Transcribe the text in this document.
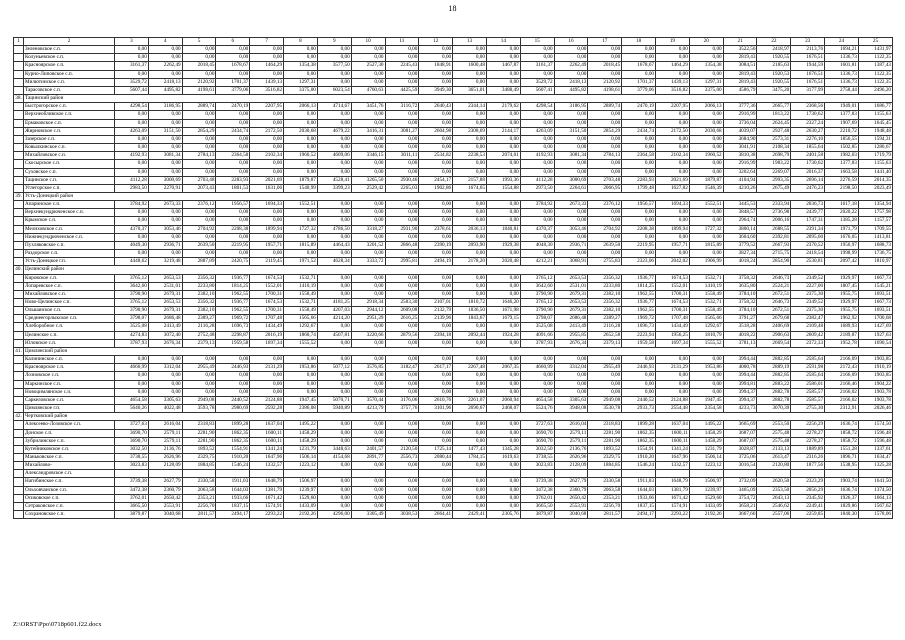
18
1	2	3	4	5	6	7	8	9	10	11	12	13	14	15	16	17	18	19	20	21	22	23	24	25
	Зеленовское с.п.	0,00	0,00	0,00	0,00	0,00	0,00	0,00	0,00	0,00	0,00	0,00	0,00	0,00	0,00	0,00	0,00	0,00	0,00	3522,56	2418,97	2113,76	1694,21	1431,97
	Колуньевское с.п.	0,00	0,00	0,00	0,00	0,00	0,00	0,00	0,00	0,00	0,00	0,00	0,00	0,00	0,00	0,00	0,00	0,00	0,00	2819,43	1920,55	1676,51	1336,73	1122,35
	Красноярское с.п.	3161,37	2262,49	2018,45	1678,67	1464,29	1354,38	3577,50	2527,30	2245,43	1848,91	1600,48	1467,87	3161,37	2262,49	2018,45	1678,67	1464,29	1354,38	3084,51	2185,63	1944,59	1601,81	1387,43
	Курно-Липовское с.п.	0,00	0,00	0,00	0,00	0,00	0,00	0,00	0,00	0,00	0,00	0,00	0,00	0,00	0,00	0,00	0,00	0,00	0,00	2819,43	1920,53	1676,51	1336,73	1122,35
	Милютинское с.п.	3529,72	2418,13	2120,92	1701,37	1439,13	1297,31	0,00	0,00	0,00	0,00	0,00	0,00	3529,72	2418,13	2120,92	1701,37	1439,13	1297,31	2819,43	1920,55	1676,51	1336,73	1122,35
	Тарасовское с.п.	5607,44	4495,82	4198,61	3779,06	3516,82	3375,00	6023,54	4760,63	4425,59	3949,30	3651,01	3488,49	5607,41	4495,82	4198,61	3779,06	3516,82	3375,00	4586,79	3475,20	3177,99	2758,44	2496,20
38.	Тацинский район																							
	Быстрогорское с.п.	4298,54	3186,95	2889,74	2470,19	2207,95	2066,13	4714,67	3451,76	3116,72	2640,43	2344,14	2179,62	4298,54	3186,95	2889,74	2470,19	2207,95	2066,13	3777,36	2665,77	2368,56	1949,01	1686,77
	Верхнеобливское с.п.	0,00	0,00	0,00	0,00	0,00	0,00	0,00	0,00	0,00	0,00	0,00	0,00	0,00	0,00	0,00	0,00	0,00	0,00	2916,99	1813,22	1730,62	1377,83	1155,63
	Ермаковское с.п.	0,00	0,00	0,00	0,00	0,00	0,00	0,00	0,00	0,00	0,00	0,00	0,00	0,00	0,00	0,00	0,00	0,00	0,00	3736,04	2624,45	2327,24	1907,69	1645,45
	Жирновское с.п.	4263,09	3151,50	2854,29	2434,74	2172,50	2030,68	4679,22	3416,31	3081,27	2604,98	2308,69	2144,17	4263,09	3151,50	2854,29	2434,74	2172,50	2030,68	4039,07	2927,48	2630,27	2210,72	1948,48
	Зазерское с.п.	0,00	0,00	0,00	0,00	0,00	0,00	0,00	0,00	0,00	0,00	0,00	0,00	0,00	0,00	0,00	0,00	0,00	0,00	3684,90	2573,31	2276,10	1856,55	1594,31
	Ковылкинское с.п.	0,00	0,00	0,00	0,00	0,00	0,00	0,00	0,00	0,00	0,00	0,00	0,00	0,00	0,00	0,00	0,00	0,00	0,00	3041,91	2108,34	1855,64	1502,85	1280,67
	Михайловское с.п.	4192,93	3081,34	2784,13	2364,58	2102,34	1960,52	4609,06	3346,15	3011,11	2534,82	2238,53	2074,01	4192,93	3081,34	2784,13	2364,58	2102,34	1960,52	3810,38	2698,79	2401,58	1982,03	1719,79
	Скосырское с.п.	0,00	0,00	0,00	0,00	0,00	0,00	0,00	0,00	0,00	0,00	0,00	0,00	0,00	0,00	0,00	0,00	0,00	0,00	2916,99	1983,22	1730,62	1377,83	1155,63
	Суховское с.п.	0,00	0,00	0,00	0,00	0,00	0,00	0,00	0,00	0,00	0,00	0,00	0,00	0,00	0,00	0,00	0,00	0,00	0,00	3202,64	2269,07	2016,37	1663,58	1441,40
	Тацинское с.п.	4112,28	3000,69	2703,48	2283,93	2021,69	1879,87	4528,41	3265,50	2930,46	2454,17	2157,88	1993,36	4112,28	3000,69	2703,48	2283,93	2021,69	1879,87	4104,94	2993,35	2696,14	2276,59	2014,35
	Углегорское с.п.	2983,50	2270,91	2073,43	1801,53	1631,06	1540,99	3399,23	2529,42	2265,03	1902,86	1674,65	1554,88	2973,50	2264,61	2066,95	1799,48	1627,82	1546,39	4210,26	2675,49	2476,23	2198,50	2023,49
39.	Усть-Донецкий район																							
	Апаринское с.п.	3784,92	2673,33	2376,12	1956,57	1694,33	1552,51	0,00	0,00	0,00	0,00	0,00	0,00	3784,92	2673,33	2376,12	1956,57	1694,33	1552,51	3445,53	2333,94	2036,73	1617,18	1354,94
	Верхнекундрюченское с.п.	0,00	0,00	0,00	0,00	0,00	0,00	0,00	0,00	0,00	0,00	0,00	0,00	0,00	0,00	0,00	0,00	0,00	0,00	3848,57	2736,98	2439,77	2020,22	1757,98
	Крымское с.п.	0,00	0,00	0,00	0,00	0,00	0,00	0,00	0,00	0,00	0,00	0,00	0,00	0,00	0,00	0,00	0,00	0,00	0,00	2964,74	2006,16	1747,31	1385,28	1157,57
	Мелиховское с.п.	4370,37	3053,46	2704,92	2208,38	1899,94	1727,32	4786,50	3318,27	2931,90	2378,61	2036,13	1840,81	4370,37	3053,46	2704,92	2208,38	1899,94	1727,32	3800,14	2688,55	2391,34	1971,79	1709,55
	Нижнекундрюченское с.п.	0,00	0,00	0,00	0,00	0,00	0,00	0,00	0,00	0,00	0,00	0,00	0,00	0,00	0,00	0,00	0,00	0,00	0,00	3604,60	2392,81	2095,60	1676,05	1413,81
	Пухляковское с.п.	4049,30	2936,71	2639,50	2219,95	1957,71	1815,89	4464,43	3201,52	2866,48	2390,19	2093,90	1929,38	4048,30	2936,71	2639,50	2219,95	1957,71	1815,89	3779,52	2667,93	2370,52	1950,97	1688,73
	Раздорское с.п.	0,00	0,00	0,00	0,00	0,00	0,00	0,00	0,00	0,00	0,00	0,00	0,00	0,00	0,00	0,00	0,00	0,00	0,00	3827,34	2715,75	2418,54	1998,99	1736,75
	Усть-Донецкое г.п.	4448,62	3219,48	2887,89	2420,75	2119,45	1971,52	4628,34	3333,72	2995,81	2494,19	2178,20	2020,48	4212,21	3068,91	2755,83	2323,06	2042,02	1906,99	4018,24	2854,90	2530,81	2097,42	1810,97
40.	Целинский район																							
	Кировское с.п.	3765,12	2653,53	2356,32	1936,77	1674,53	1532,71	0,00	0,00	0,00	0,00	0,00	0,00	3765,12	2653,53	2356,32	1936,77	1674,53	1532,71	3758,32	2646,73	2349,52	1929,97	1667,73
	Лопаревское с.п.	3642,60	2531,01	2233,80	1814,25	1552,01	1410,19	0,00	0,00	0,00	0,00	0,00	0,00	3642,60	2531,01	2233,80	1814,25	1552,01	1410,19	3635,80	2524,21	2227,00	1807,45	1545,21
	Михайловское с.п.	3790,90	2679,31	2382,10	1962,55	1700,31	1558,49	0,00	0,00	0,00	0,00	0,00	0,00	3790,90	2679,31	2382,10	1962,55	1700,31	1558,49	3784,10	2672,51	2375,30	1955,75	1693,51
	Ново-Целинское с.п.	3765,12	2653,53	2356,32	1936,77	1674,53	1532,71	4181,25	2918,34	2583,30	2107,01	1810,72	1646,20	3765,12	2653,53	2356,32	1936,77	1674,53	1532,71	3758,32	2646,73	2349,52	1929,97	1667,73
	Ольшанское с.п.	3790,90	2679,31	2382,10	1962,55	1700,31	1558,49	4207,03	2944,12	2609,08	2132,79	1836,50	1671,98	3790,90	2679,31	2382,10	1962,55	1700,31	1558,49	3784,10	2672,51	2375,30	1955,75	1693,51
	Среднеегорлыкское с.п.	3798,07	2686,48	2389,27	1969,72	1707,48	1565,66	4214,20	2951,29	2616,25	2139,96	1843,67	1679,15	3798,07	2686,48	2389,27	1969,72	1707,48	1565,66	3791,27	2679,68	2382,47	1962,92	1700,68
	Хлеборобное с.п.	3525,08	2413,49	2116,28	1696,73	1434,49	1292,67	0,00	0,00	0,00	0,00	0,00	0,00	3525,08	2413,49	2116,28	1696,73	1434,49	1292,67	3518,28	2406,69	2109,48	1689,93	1427,69
	Целинское с.п.	4274,83	3072,40	2752,48	2298,87	2016,19	1860,74	4507,81	3220,66	2879,56	2394,18	2092,44	1924,28	4091,66	2955,85	2652,58	2223,94	1956,25	1810,79	4018,22	2906,63	2609,42	2189,87	1927,63
	Юловское с.п.	3787,93	2676,34	2379,13	1959,58	1697,34	1555,52	0,00	0,00	0,00	0,00	0,00	0,00	3787,93	2676,34	2379,13	1959,58	1697,34	1555,52	3781,13	2669,54	2372,33	1952,78	1690,54
41.	Цимлянский район																							
	Калининское с.п.	0,00	0,00	0,00	0,00	0,00	0,00	0,00	0,00	0,00	0,00	0,00	0,00	0,00	0,00	0,00	0,00	0,00	0,00	3994,44	2882,85	2585,64	2166,09	1903,85
	Красноярское с.п.	4660,99	3312,04	2955,49	2446,93	2131,29	1953,86	5077,12	3576,85	3182,47	2617,17	2267,48	2067,35	4660,99	3312,04	2955,49	2446,93	2131,29	1953,86	4000,78	2889,19	2591,98	2172,43	1910,19
	Лозновское с.п.	0,00	0,00	0,00	0,00	0,00	0,00	0,00	0,00	0,00	0,00	0,00	0,00	0,00	0,00	0,00	0,00	0,00	0,00	3994,44	2882,85	2585,64	2166,09	1903,85
	Маркинское с.п.	0,00	0,00	0,00	0,00	0,00	0,00	0,00	0,00	0,00	0,00	0,00	0,00	0,00	0,00	0,00	0,00	0,00	0,00	3994,81	2883,22	2586,01	2166,46	1904,22
	Новоцимлянское с.п.	0,00	0,00	0,00	0,00	0,00	0,00	0,00	0,00	0,00	0,00	0,00	0,00	0,00	0,00	0,00	0,00	0,00	0,00	3994,37	2882,78	2585,57	2166,02	1903,78
	Саркеловское с.п.	4654,58	3305,63	2949,08	2440,52	2124,88	1947,45	5070,71	3570,44	3176,06	2610,76	2261,07	2060,94	4654,58	3305,63	2949,08	2440,52	2124,88	1947,45	3994,37	2882,78	2585,57	2166,02	1903,78
	Цимлянское г.п.	5640,26	4022,48	3593,78	2980,69	2592,28	2386,08	5940,89	4213,79	3757,76	3101,96	2690,67	2468,07	5524,76	3948,08	3530,78	2933,73	2554,48	2354,58	4233,73	3070,39	2755,30	2312,91	2026,46
42.	Чертковский район																							
	Алексеево-Лозовское с.п.	3727,63	2616,04	2318,83	1899,28	1637,04	1495,22	0,00	0,00	0,00	0,00	0,00	0,00	3727,63	2616,04	2318,83	1899,28	1637,04	1495,22	3665,69	2553,50	2256,29	1636,74	1574,50
	Донское с.п.	3690,70	2579,11	2281,90	1862,35	1600,11	1458,29	0,00	0,00	0,00	0,00	0,00	0,00	3690,70	2579,11	2281,90	1862,35	1600,11	1458,29	3687,07	2575,48	2278,27	1858,72	1596,48
	Зубрилинское с.п.	3690,70	2579,11	2281,90	1862,35	1600,11	1458,29	0,00	0,00	0,00	0,00	0,00	0,00	3690,70	2579,11	2281,90	1862,35	1600,11	1458,29	3687,07	2575,48	2278,27	1858,72	1596,48
	Кутейниковское с.п.	3032,50	2136,76	1893,52	1554,91	1341,24	1231,79	3448,63	2401,57	2120,50	1725,14	1477,43	1345,28	3032,50	2136,76	1893,52	1554,91	1341,24	1231,79	3028,87	2133,13	1889,89	1551,28	1337,61
	Маньковское с.п.	3738,55	2626,96	2329,75	1910,20	1647,96	1506,14	4154,68	2891,77	2556,73	2080,44	1784,15	1619,63	3738,55	2626,96	2329,75	1910,20	1647,96	1506,14	3725,06	2613,47	2316,26	1896,71	1634,47
	Михайлово-	3023,83	2128,09	1884,85	1546,24	1332,57	1223,12	0,00	0,00	0,00	0,00	0,00	0,00	3023,83	2128,09	1884,85	1546,24	1332,57	1223,12	3016,54	2120,80	1877,56	1538,95	1325,28
	Александровское с.п.																							
	Нагибинское с.п.	3739,38	2627,79	2330,58	1911,03	1648,79	1506,97	0,00	0,00	0,00	0,00	0,00	0,00	3739,38	2627,79	2330,58	1911,03	1648,79	1506,97	3732,09	2620,50	2323,29	1903,74	1641,50
	Ольховчанское с.п.	3472,38	2360,79	2063,58	1644,03	1381,79	1239,97	0,00	0,00	0,00	0,00	0,00	0,00	3472,38	2360,79	2063,58	1644,03	1381,79	1239,97	3465,09	2353,50	2056,29	1636,74	1374,50
	Осиковское с.п.	3762,01	2650,42	2353,21	1933,66	1671,42	1529,60	0,00	0,00	0,00	0,00	0,00	0,00	3762,01	2650,42	2353,21	1933,66	1671,42	1529,60	3754,72	2643,13	2345,92	1926,37	1664,13
	Сетраковское с.п.	3665,50	2553,91	2256,70	1837,15	1574,91	1433,09	0,00	0,00	0,00	0,00	0,00	0,00	3665,50	2553,91	2256,70	1837,15	1574,91	1433,09	3658,21	2546,62	2249,41	1829,86	1567,62
	Сохрановское с.п.	3879,87	3040,68	2811,57	2494,17	2293,22	2192,26	4296,00	3305,49	3038,53	2664,41	2429,41	2305,76	3879,87	3040,68	2811,57	2494,17	2293,22	2192,26	3667,66	2557,06	2259,85	1840,30	1578,06
Z:\ORST\Ppo\0718p601.f22.docx
